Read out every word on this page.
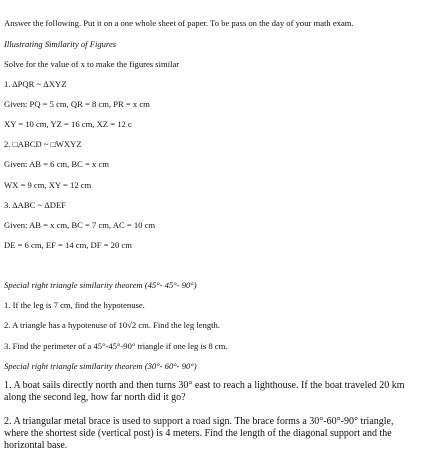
Answer the following. Put it on a one whole sheet of paper. To be pass on the day of your math exam.
Illustrating Similarity of Figures
Solve for the value of x to make the figures similar
1. ΔPQR ~ ΔXYZ
Given: PQ = 5 cm, QR = 8 cm, PR = x cm
XY = 10 cm, YZ = 16 cm, XZ = 12 c
2. □ABCD ~ □WXYZ
Given: AB = 6 cm, BC = x cm
WX = 9 cm, XY = 12 cm
3. ΔABC ~ ΔDEF
Given: AB = x cm, BC = 7 cm, AC = 10 cm
DE = 6 cm, EF = 14 cm, DF = 20 cm
Special right triangle similarity theorem (45°- 45°- 90°)
1. If the leg is 7 cm, find the hypotenuse.
2. A triangle has a hypotenuse of 10√2 cm. Find the leg length.
3. Find the perimeter of a 45°-45°-90° triangle if one leg is 8 cm.
Special right triangle similarity theorem (30°- 60°- 90°)
1. A boat sails directly north and then turns 30° east to reach a lighthouse. If the boat traveled 20 km along the second leg, how far north did it go?
2. A triangular metal brace is used to support a road sign. The brace forms a 30°-60°-90° triangle, where the shortest side (vertical post) is 4 meters. Find the length of the diagonal support and the horizontal base.
